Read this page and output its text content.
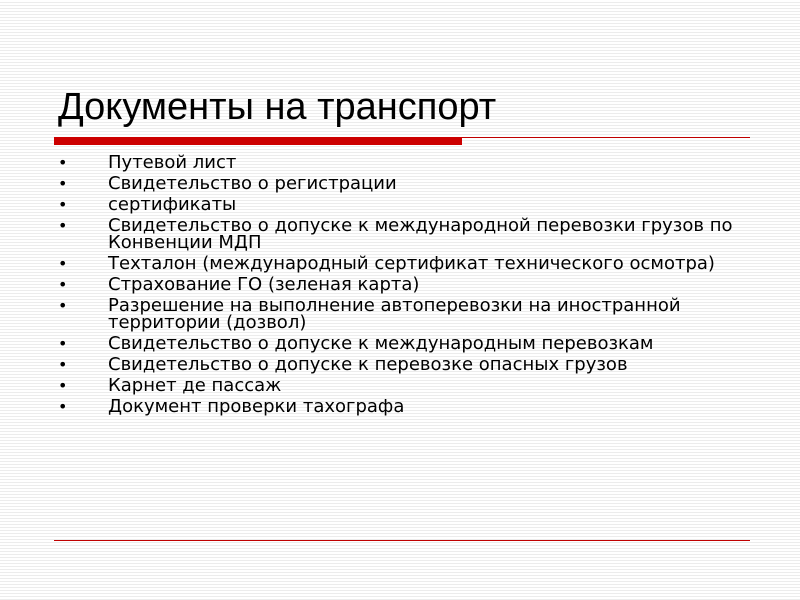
Документы на транспорт
• Путевой лист
• Свидетельство о регистрации
• сертификаты
• Свидетельство о допуске к международной перевозки грузов по Конвенции МДП
• Техталон (международный сертификат технического осмотра)
• Страхование ГО (зеленая карта)
• Разрешение на выполнение автоперевозки на иностранной территории (дозвол)
• Свидетельство о допуске к международным перевозкам
• Свидетельство о допуске к перевозке опасных грузов
• Карнет де пассаж
• Документ проверки тахографа
